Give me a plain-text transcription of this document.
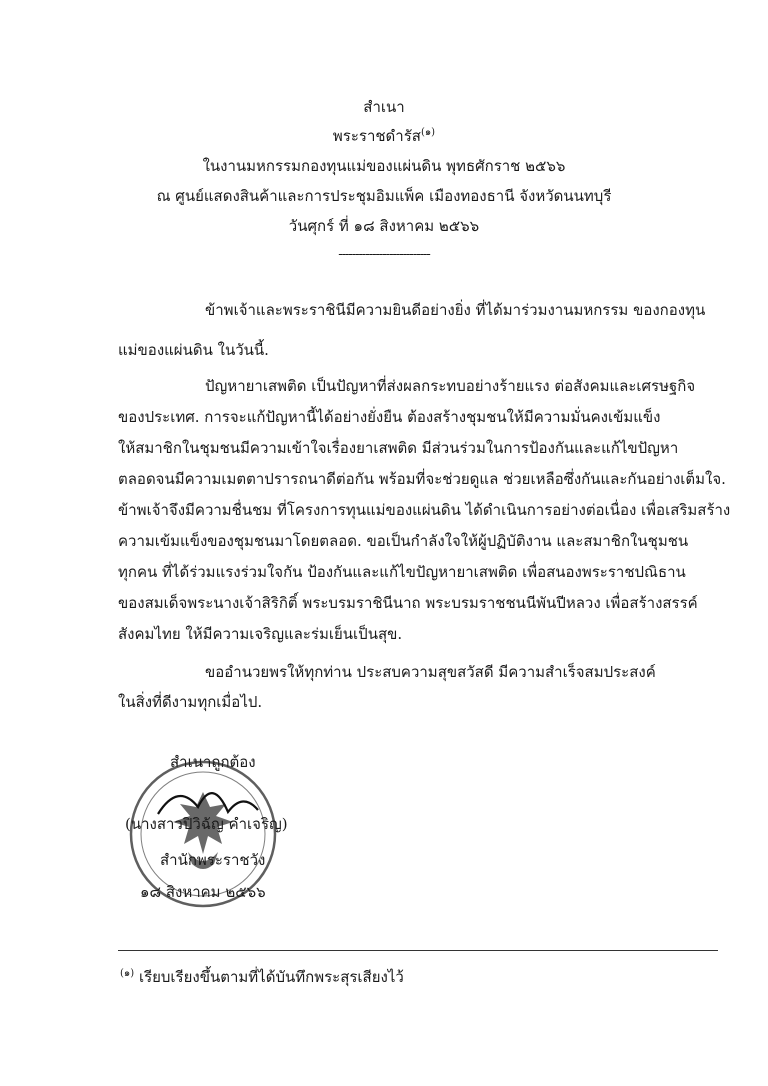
สำเนา
พระราชดำรัส$^{(๑)}$
ในงานมหกรรมกองทุนแม่ของแผ่นดิน พุทธศักราช ๒๕๖๖
ณ ศูนย์แสดงสินค้าและการประชุมอิมแพ็ค เมืองทองธานี จังหวัดนนทบุรี
วันศุกร์ ที่ ๑๘ สิงหาคม ๒๕๖๖
---------------------------
ข้าพเจ้าและพระราชินีมีความยินดีอย่างยิ่ง ที่ได้มาร่วมงานมหกรรม ของกองทุน
แม่ของแผ่นดิน ในวันนี้.
ปัญหายาเสพติด เป็นปัญหาที่ส่งผลกระทบอย่างร้ายแรง ต่อสังคมและเศรษฐกิจ
ของประเทศ. การจะแก้ปัญหานี้ได้อย่างยั่งยืน ต้องสร้างชุมชนให้มีความมั่นคงเข้มแข็ง
ให้สมาชิกในชุมชนมีความเข้าใจเรื่องยาเสพติด มีส่วนร่วมในการป้องกันและแก้ไขปัญหา
ตลอดจนมีความเมตตาปรารถนาดีต่อกัน พร้อมที่จะช่วยดูแล ช่วยเหลือซึ่งกันและกันอย่างเต็มใจ.
ข้าพเจ้าจึงมีความชื่นชม ที่โครงการทุนแม่ของแผ่นดิน ได้ดำเนินการอย่างต่อเนื่อง เพื่อเสริมสร้าง
ความเข้มแข็งของชุมชนมาโดยตลอด. ขอเป็นกำลังใจให้ผู้ปฏิบัติงาน และสมาชิกในชุมชน
ทุกคน ที่ได้ร่วมแรงร่วมใจกัน ป้องกันและแก้ไขปัญหายาเสพติด เพื่อสนองพระราชปณิธาน
ของสมเด็จพระนางเจ้าสิริกิติ์ พระบรมราชินีนาถ พระบรมราชชนนีพันปีหลวง เพื่อสร้างสรรค์
สังคมไทย ให้มีความเจริญและร่มเย็นเป็นสุข.
ขออำนวยพรให้ทุกท่าน ประสบความสุขสวัสดี มีความสำเร็จสมประสงค์
ในสิ่งที่ดีงามทุกเมื่อไป.
สำเนาถูกต้อง
(นางสาวปิวิฉัญ คำเจริญ)
สำนักพระราชวัง
๑๘ สิงหาคม ๒๕๖๖
$^{(๑)}$ เรียบเรียงขึ้นตามที่ได้บันทึกพระสุรเสียงไว้
